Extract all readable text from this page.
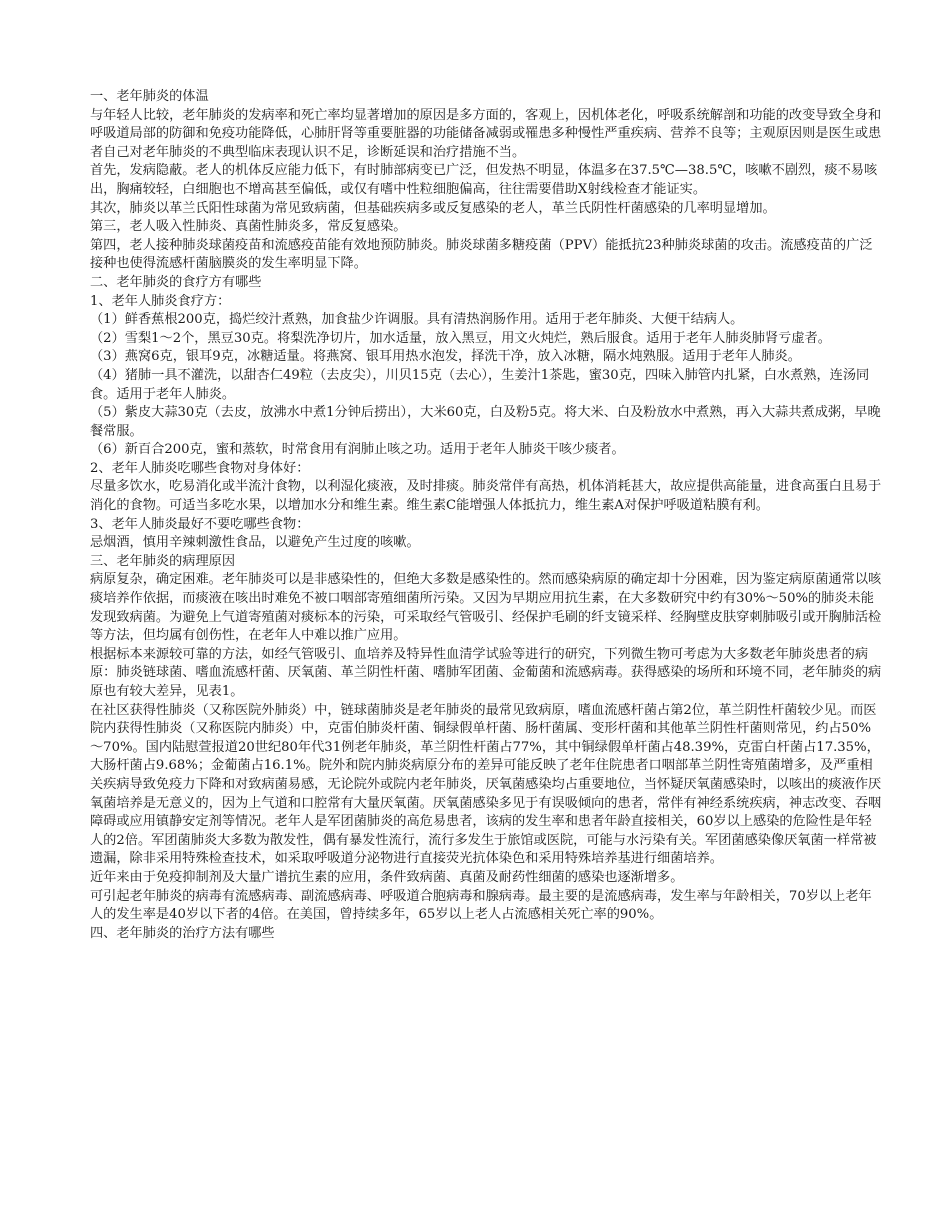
一、老年肺炎的体温

与年轻人比较，老年肺炎的发病率和死亡率均显著增加的原因是多方面的，客观上，因机体老化，呼吸系统解剖和功能的改变导致全身和呼吸道局部的防御和免疫功能降低，心肺肝肾等重要脏器的功能储备减弱或罹患多种慢性严重疾病、营养不良等；主观原因则是医生或患者自己对老年肺炎的不典型临床表现认识不足，诊断延误和治疗措施不当。

首先，发病隐蔽。老人的机体反应能力低下，有时肺部病变已广泛，但发热不明显，体温多在37.5℃—38.5℃，咳嗽不剧烈，痰不易咳出，胸痛较轻，白细胞也不增高甚至偏低，或仅有嗜中性粒细胞偏高，往往需要借助X射线检查才能证实。

其次，肺炎以革兰氏阳性球菌为常见致病菌，但基础疾病多或反复感染的老人，革兰氏阴性杆菌感染的几率明显增加。

第三，老人吸入性肺炎、真菌性肺炎多，常反复感染。

第四，老人接种肺炎球菌疫苗和流感疫苗能有效地预防肺炎。肺炎球菌多糖疫菌（PPV）能抵抗23种肺炎球菌的攻击。流感疫苗的广泛接种也使得流感杆菌脑膜炎的发生率明显下降。

二、老年肺炎的食疗方有哪些

1、老年人肺炎食疗方：

（1）鲜香蕉根200克，捣烂绞汁煮熟，加食盐少许调服。具有清热润肠作用。适用于老年肺炎、大便干结病人。

（2）雪梨1～2个，黑豆30克。将梨洗净切片，加水适量，放入黑豆，用文火炖烂，熟后服食。适用于老年人肺炎肺肾亏虚者。

（3）燕窝6克，银耳9克，冰糖适量。将燕窝、银耳用热水泡发，择洗干净，放入冰糖，隔水炖熟服。适用于老年人肺炎。

（4）猪肺一具不灌洗，以甜杏仁49粒（去皮尖），川贝15克（去心），生姜汁1茶匙，蜜30克，四味入肺管内扎紧，白水煮熟，连汤同食。适用于老年人肺炎。

（5）紫皮大蒜30克（去皮，放沸水中煮1分钟后捞出），大米60克，白及粉5克。将大米、白及粉放水中煮熟，再入大蒜共煮成粥，早晚餐常服。

（6）新百合200克，蜜和蒸软，时常食用有润肺止咳之功。适用于老年人肺炎干咳少痰者。

2、老年人肺炎吃哪些食物对身体好：

尽量多饮水，吃易消化或半流汁食物，以利湿化痰液，及时排痰。肺炎常伴有高热，机体消耗甚大，故应提供高能量，进食高蛋白且易于消化的食物。可适当多吃水果，以增加水分和维生素。维生素C能增强人体抵抗力，维生素A对保护呼吸道粘膜有利。

3、老年人肺炎最好不要吃哪些食物：

忌烟酒，慎用辛辣刺激性食品，以避免产生过度的咳嗽。

三、老年肺炎的病理原因

病原复杂，确定困难。老年肺炎可以是非感染性的，但绝大多数是感染性的。然而感染病原的确定却十分困难，因为鉴定病原菌通常以咳痰培养作依据，而痰液在咳出时难免不被口咽部寄殖细菌所污染。又因为早期应用抗生素，在大多数研究中约有30%～50%的肺炎未能发现致病菌。为避免上气道寄殖菌对痰标本的污染，可采取经气管吸引、经保护毛刷的纤支镜采样、经胸壁皮肤穿刺肺吸引或开胸肺活检等方法，但均属有创伤性，在老年人中难以推广应用。

根据标本来源较可靠的方法，如经气管吸引、血培养及特异性血清学试验等进行的研究，下列微生物可考虑为大多数老年肺炎患者的病原：肺炎链球菌、嗜血流感杆菌、厌氧菌、革兰阴性杆菌、嗜肺军团菌、金葡菌和流感病毒。获得感染的场所和环境不同，老年肺炎的病原也有较大差异，见表1。

在社区获得性肺炎（又称医院外肺炎）中，链球菌肺炎是老年肺炎的最常见致病原，嗜血流感杆菌占第2位，革兰阴性杆菌较少见。而医院内获得性肺炎（又称医院内肺炎）中，克雷伯肺炎杆菌、铜绿假单杆菌、肠杆菌属、变形杆菌和其他革兰阴性杆菌则常见，约占50%～70%。国内陆慰萱报道20世纪80年代31例老年肺炎，革兰阴性杆菌占77%，其中铜绿假单杆菌占48.39%，克雷白杆菌占17.35%，大肠杆菌占9.68%；金葡菌占16.1%。院外和院内肺炎病原分布的差异可能反映了老年住院患者口咽部革兰阴性寄殖菌增多，及严重相关疾病导致免疫力下降和对致病菌易感，无论院外或院内老年肺炎，厌氧菌感染均占重要地位，当怀疑厌氧菌感染时，以咳出的痰液作厌氧菌培养是无意义的，因为上气道和口腔常有大量厌氧菌。厌氧菌感染多见于有误吸倾向的患者，常伴有神经系统疾病，神志改变、吞咽障碍或应用镇静安定剂等情况。老年人是军团菌肺炎的高危易患者，该病的发生率和患者年龄直接相关，60岁以上感染的危险性是年轻人的2倍。军团菌肺炎大多数为散发性，偶有暴发性流行，流行多发生于旅馆或医院，可能与水污染有关。军团菌感染像厌氧菌一样常被遗漏，除非采用特殊检查技术，如采取呼吸道分泌物进行直接荧光抗体染色和采用特殊培养基进行细菌培养。

近年来由于免疫抑制剂及大量广谱抗生素的应用，条件致病菌、真菌及耐药性细菌的感染也逐渐增多。

可引起老年肺炎的病毒有流感病毒、副流感病毒、呼吸道合胞病毒和腺病毒。最主要的是流感病毒，发生率与年龄相关，70岁以上老年人的发生率是40岁以下者的4倍。在美国，曾持续多年，65岁以上老人占流感相关死亡率的90%。

四、老年肺炎的治疗方法有哪些
